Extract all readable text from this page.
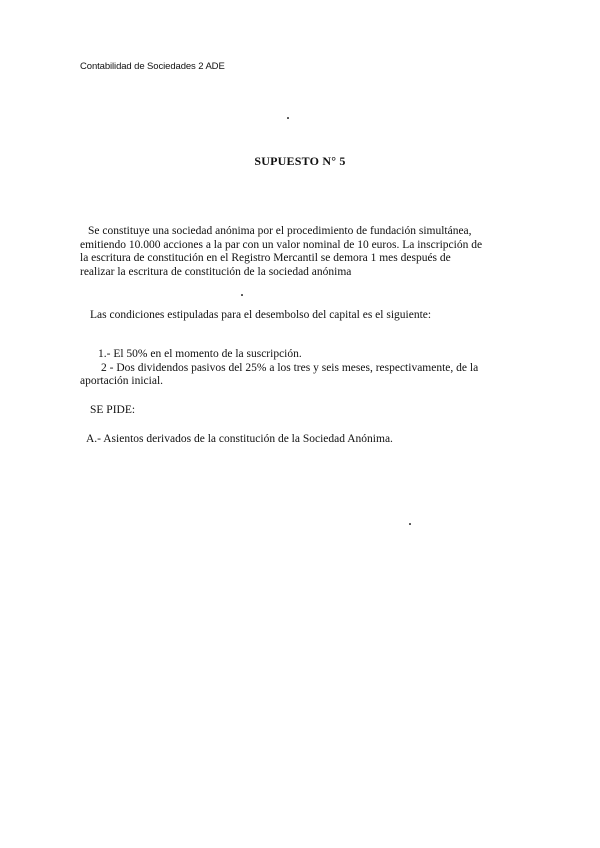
Contabilidad de Sociedades 2 ADE
SUPUESTO N° 5
Se constituye una sociedad anónima por el procedimiento de fundación simultánea,
emitiendo 10.000 acciones a la par con un valor nominal de 10 euros. La inscripción de
la escritura de constitución en el Registro Mercantil se demora 1 mes después de
realizar la escritura de constitución de la sociedad anónima
Las condiciones estipuladas para el desembolso del capital es el siguiente:
1.- El 50% en el momento de la suscripción.
2 - Dos dividendos pasivos del 25% a los tres y seis meses, respectivamente, de la
aportación inicial.
SE PIDE:
A.- Asientos derivados de la constitución de la Sociedad Anónima.
